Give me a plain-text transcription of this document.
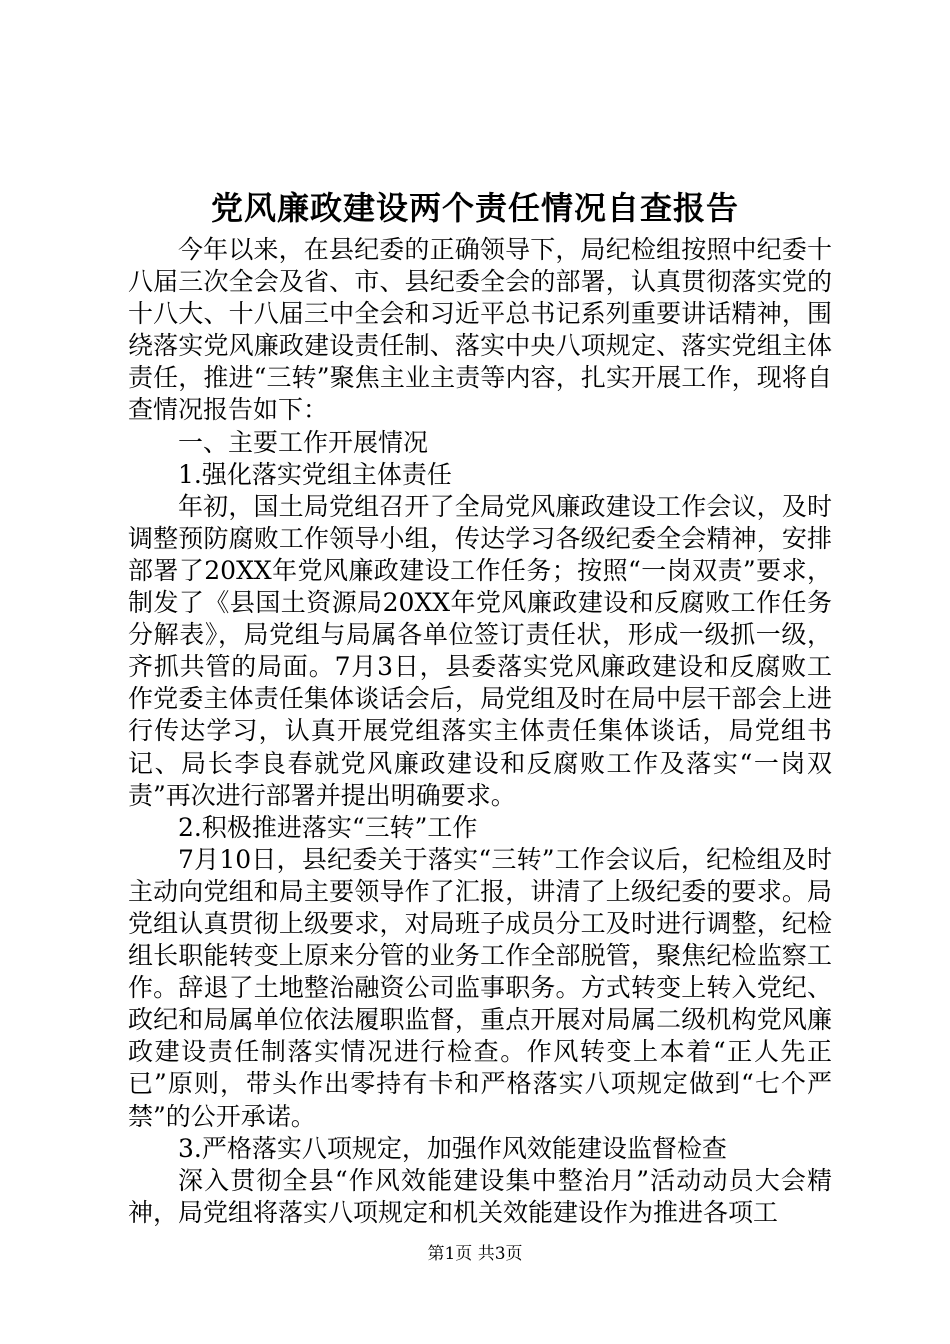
党风廉政建设两个责任情况自查报告

今年以来，在县纪委的正确领导下，局纪检组按照中纪委十八届三次全会及省、市、县纪委全会的部署，认真贯彻落实党的十八大、十八届三中全会和习近平总书记系列重要讲话精神，围绕落实党风廉政建设责任制、落实中央八项规定、落实党组主体责任，推进“三转”聚焦主业主责等内容，扎实开展工作，现将自查情况报告如下：

一、主要工作开展情况

1.强化落实党组主体责任

年初，国土局党组召开了全局党风廉政建设工作会议，及时调整预防腐败工作领导小组，传达学习各级纪委全会精神，安排部署了20XX年党风廉政建设工作任务；按照“一岗双责”要求，制发了《县国土资源局20XX年党风廉政建设和反腐败工作任务分解表》，局党组与局属各单位签订责任状，形成一级抓一级，齐抓共管的局面。7月3日，县委落实党风廉政建设和反腐败工作党委主体责任集体谈话会后，局党组及时在局中层干部会上进行传达学习，认真开展党组落实主体责任集体谈话，局党组书记、局长李良春就党风廉政建设和反腐败工作及落实“一岗双责”再次进行部署并提出明确要求。

2.积极推进落实“三转”工作

7月10日，县纪委关于落实“三转”工作会议后，纪检组及时主动向党组和局主要领导作了汇报，讲清了上级纪委的要求。局党组认真贯彻上级要求，对局班子成员分工及时进行调整，纪检组长职能转变上原来分管的业务工作全部脱管，聚焦纪检监察工作。辞退了土地整治融资公司监事职务。方式转变上转入党纪、政纪和局属单位依法履职监督，重点开展对局属二级机构党风廉政建设责任制落实情况进行检查。作风转变上本着“正人先正已”原则，带头作出零持有卡和严格落实八项规定做到“七个严禁”的公开承诺。

3.严格落实八项规定，加强作风效能建设监督检查

深入贯彻全县“作风效能建设集中整治月”活动动员大会精神，局党组将落实八项规定和机关效能建设作为推进各项工

第1页 共3页
